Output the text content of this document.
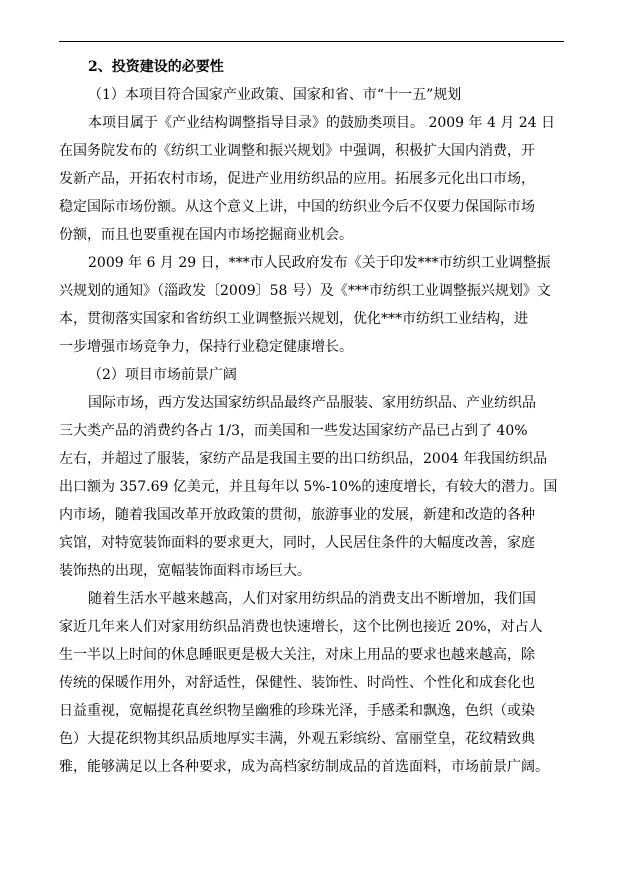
2、投资建设的必要性
（1）本项目符合国家产业政策、国家和省、市“十一五”规划
本项目属于《产业结构调整指导目录》的鼓励类项目。 2009 年 4 月 24 日
在国务院发布的《纺织工业调整和振兴规划》中强调，积极扩大国内消费，开
发新产品，开拓农村市场，促进产业用纺织品的应用。拓展多元化出口市场，
稳定国际市场份额。从这个意义上讲，中国的纺织业今后不仅要力保国际市场
份额，而且也要重视在国内市场挖掘商业机会。
2009 年 6 月 29 日，***市人民政府发布《关于印发***市纺织工业调整振
兴规划的通知》（淄政发〔2009〕58 号）及《***市纺织工业调整振兴规划》文
本，贯彻落实国家和省纺织工业调整振兴规划，优化***市纺织工业结构，进
一步增强市场竞争力，保持行业稳定健康增长。
（2）项目市场前景广阔
国际市场，西方发达国家纺织品最终产品服装、家用纺织品、产业纺织品
三大类产品的消费约各占 1/3，而美国和一些发达国家纺产品已占到了 40%
左右，并超过了服装，家纺产品是我国主要的出口纺织品，2004 年我国纺织品
出口额为 357.69 亿美元，并且每年以 5%-10%的速度增长，有较大的潜力。国
内市场，随着我国改革开放政策的贯彻，旅游事业的发展，新建和改造的各种
宾馆，对特宽装饰面料的要求更大，同时，人民居住条件的大幅度改善，家庭
装饰热的出现，宽幅装饰面料市场巨大。
随着生活水平越来越高，人们对家用纺织品的消费支出不断增加，我们国
家近几年来人们对家用纺织品消费也快速增长，这个比例也接近 20%，对占人
生一半以上时间的休息睡眠更是极大关注，对床上用品的要求也越来越高，除
传统的保暖作用外，对舒适性，保健性、装饰性、时尚性、个性化和成套化也
日益重视，宽幅提花真丝织物呈幽雅的珍珠光泽，手感柔和飘逸，色织（或染
色）大提花织物其织品质地厚实丰满，外观五彩缤纷、富丽堂皇，花纹精致典
雅，能够满足以上各种要求，成为高档家纺制成品的首选面料，市场前景广阔。
